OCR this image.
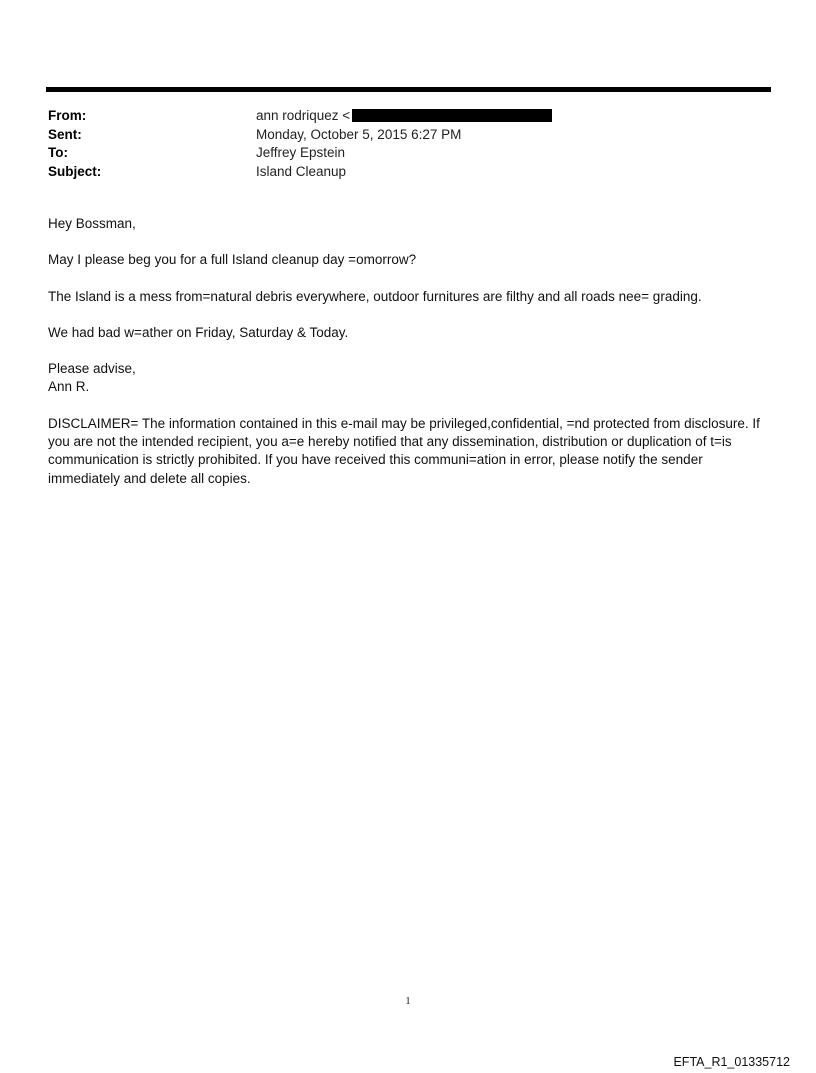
From:	ann rodriquez <
Sent:	Monday, October 5, 2015 6:27 PM
To:	Jeffrey Epstein
Subject:	Island Cleanup

Hey Bossman,

May I please beg you for a full Island cleanup day =omorrow?

The Island is a mess from=natural debris everywhere, outdoor furnitures are filthy and all roads nee= grading.

We had bad w=ather on Friday, Saturday & Today.

Please advise,
Ann R.

DISCLAIMER= The information contained in this e-mail may be privileged,confidential, =nd protected from disclosure. If you are not the intended recipient, you a=e hereby notified that any dissemination, distribution or duplication of t=is communication is strictly prohibited. If you have received this communi=ation in error, please notify the sender immediately and delete all copies.

1
EFTA_R1_01335712
